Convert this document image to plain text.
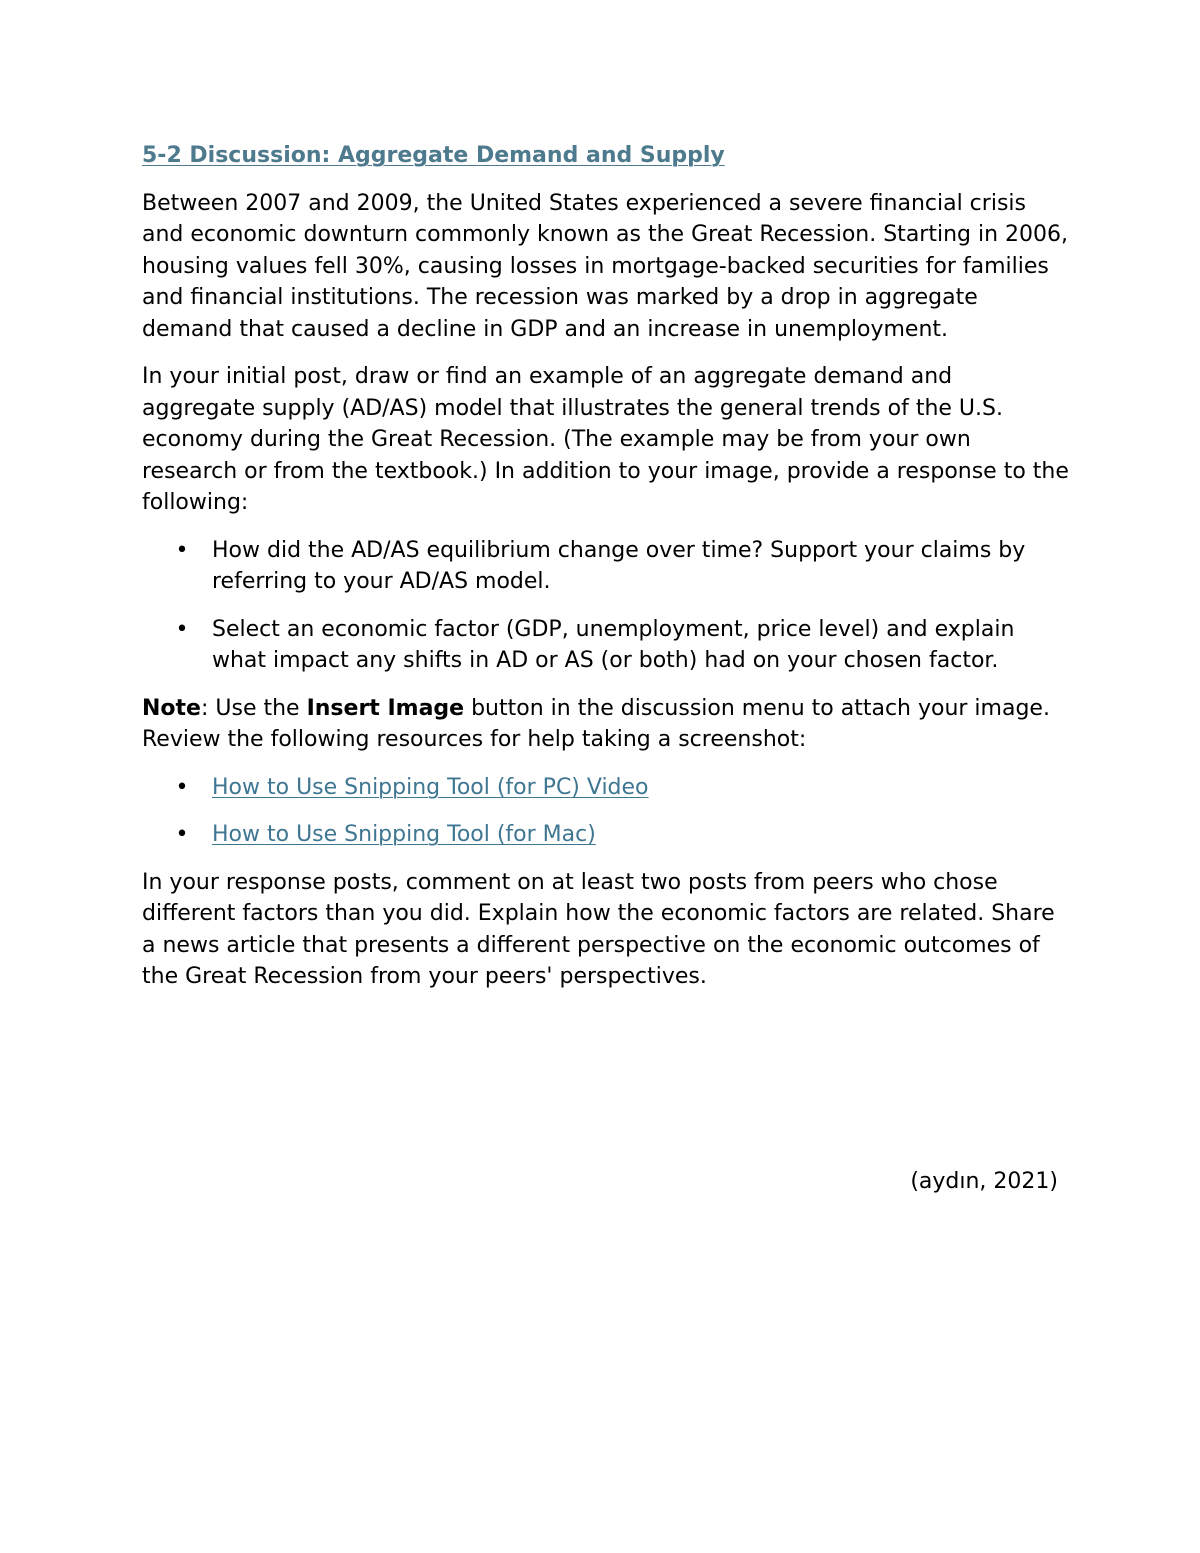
5-2 Discussion: Aggregate Demand and Supply

Between 2007 and 2009, the United States experienced a severe financial crisis and economic downturn commonly known as the Great Recession. Starting in 2006, housing values fell 30%, causing losses in mortgage-backed securities for families and financial institutions. The recession was marked by a drop in aggregate demand that caused a decline in GDP and an increase in unemployment.

In your initial post, draw or find an example of an aggregate demand and aggregate supply (AD/AS) model that illustrates the general trends of the U.S. economy during the Great Recession. (The example may be from your own research or from the textbook.) In addition to your image, provide a response to the following:

• How did the AD/AS equilibrium change over time? Support your claims by referring to your AD/AS model.
• Select an economic factor (GDP, unemployment, price level) and explain what impact any shifts in AD or AS (or both) had on your chosen factor.

Note: Use the Insert Image button in the discussion menu to attach your image. Review the following resources for help taking a screenshot:

• How to Use Snipping Tool (for PC) Video
• How to Use Snipping Tool (for Mac)

In your response posts, comment on at least two posts from peers who chose different factors than you did. Explain how the economic factors are related. Share a news article that presents a different perspective on the economic outcomes of the Great Recession from your peers' perspectives.

(aydın, 2021)
